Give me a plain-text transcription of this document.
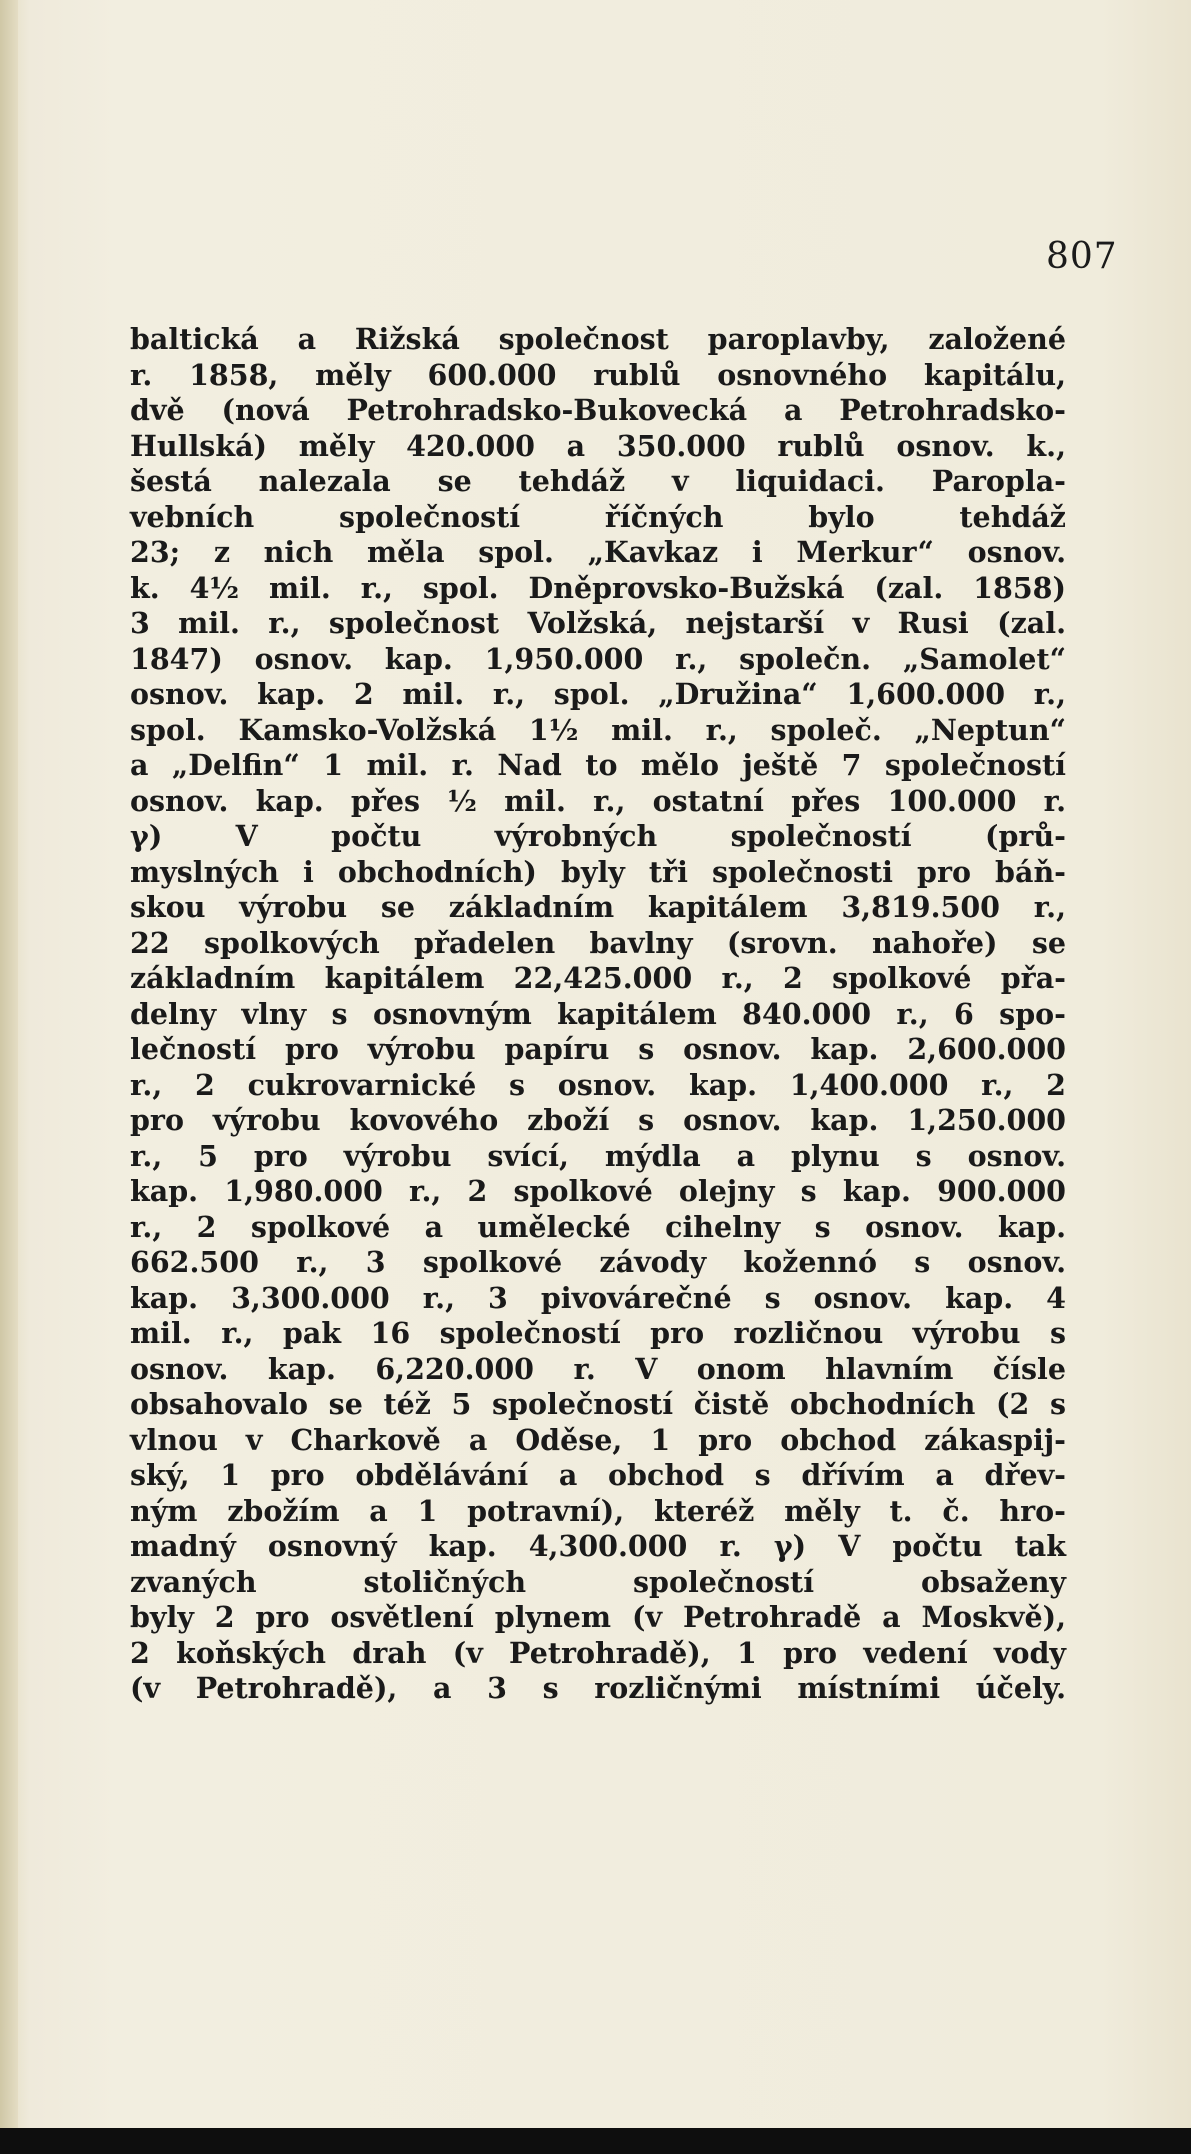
807
baltická a Rižská společnost paroplavby, založené
r. 1858, měly 600.000 rublů osnovného kapitálu,
dvě (nová Petrohradsko-Bukovecká a Petrohradsko-
Hullská) měly 420.000 a 350.000 rublů osnov. k.,
šestá nalezala se tehdáž v liquidaci. Paropla-
vebních společností říčných bylo tehdáž
23; z nich měla spol. „Kavkaz i Merkur“ osnov.
k. 4½ mil. r., spol. Dněprovsko-Bužská (zal. 1858)
3 mil. r., společnost Volžská, nejstarší v Rusi (zal.
1847) osnov. kap. 1,950.000 r., společn. „Samolet“
osnov. kap. 2 mil. r., spol. „Družina“ 1,600.000 r.,
spol. Kamsko-Volžská 1½ mil. r., společ. „Neptun“
a „Delfin“ 1 mil. r. Nad to mělo ještě 7 společností
osnov. kap. přes ½ mil. r., ostatní přes 100.000 r.
γ) V počtu výrobných společností (prů-
myslných i obchodních) byly tři společnosti pro báň-
skou výrobu se základním kapitálem 3,819.500 r.,
22 spolkových přadelen bavlny (srovn. nahoře) se
základním kapitálem 22,425.000 r., 2 spolkové přa-
delny vlny s osnovným kapitálem 840.000 r., 6 spo-
lečností pro výrobu papíru s osnov. kap. 2,600.000
r., 2 cukrovarnické s osnov. kap. 1,400.000 r., 2
pro výrobu kovového zboží s osnov. kap. 1,250.000
r., 5 pro výrobu svící, mýdla a plynu s osnov.
kap. 1,980.000 r., 2 spolkové olejny s kap. 900.000
r., 2 spolkové a umělecké cihelny s osnov. kap.
662.500 r., 3 spolkové závody kožennó s osnov.
kap. 3,300.000 r., 3 pivovárečné s osnov. kap. 4
mil. r., pak 16 společností pro rozličnou výrobu s
osnov. kap. 6,220.000 r. V onom hlavním čísle
obsahovalo se též 5 společností čistě obchodních (2 s
vlnou v Charkově a Oděse, 1 pro obchod zákaspij-
ský, 1 pro obdělávání a obchod s dřívím a dřev-
ným zbožím a 1 potravní), kteréž měly t. č. hro-
madný osnovný kap. 4,300.000 r. γ) V počtu tak
zvaných stoličných společností obsaženy
byly 2 pro osvětlení plynem (v Petrohradě a Moskvě),
2 koňských drah (v Petrohradě), 1 pro vedení vody
(v Petrohradě), a 3 s rozličnými místními účely.
